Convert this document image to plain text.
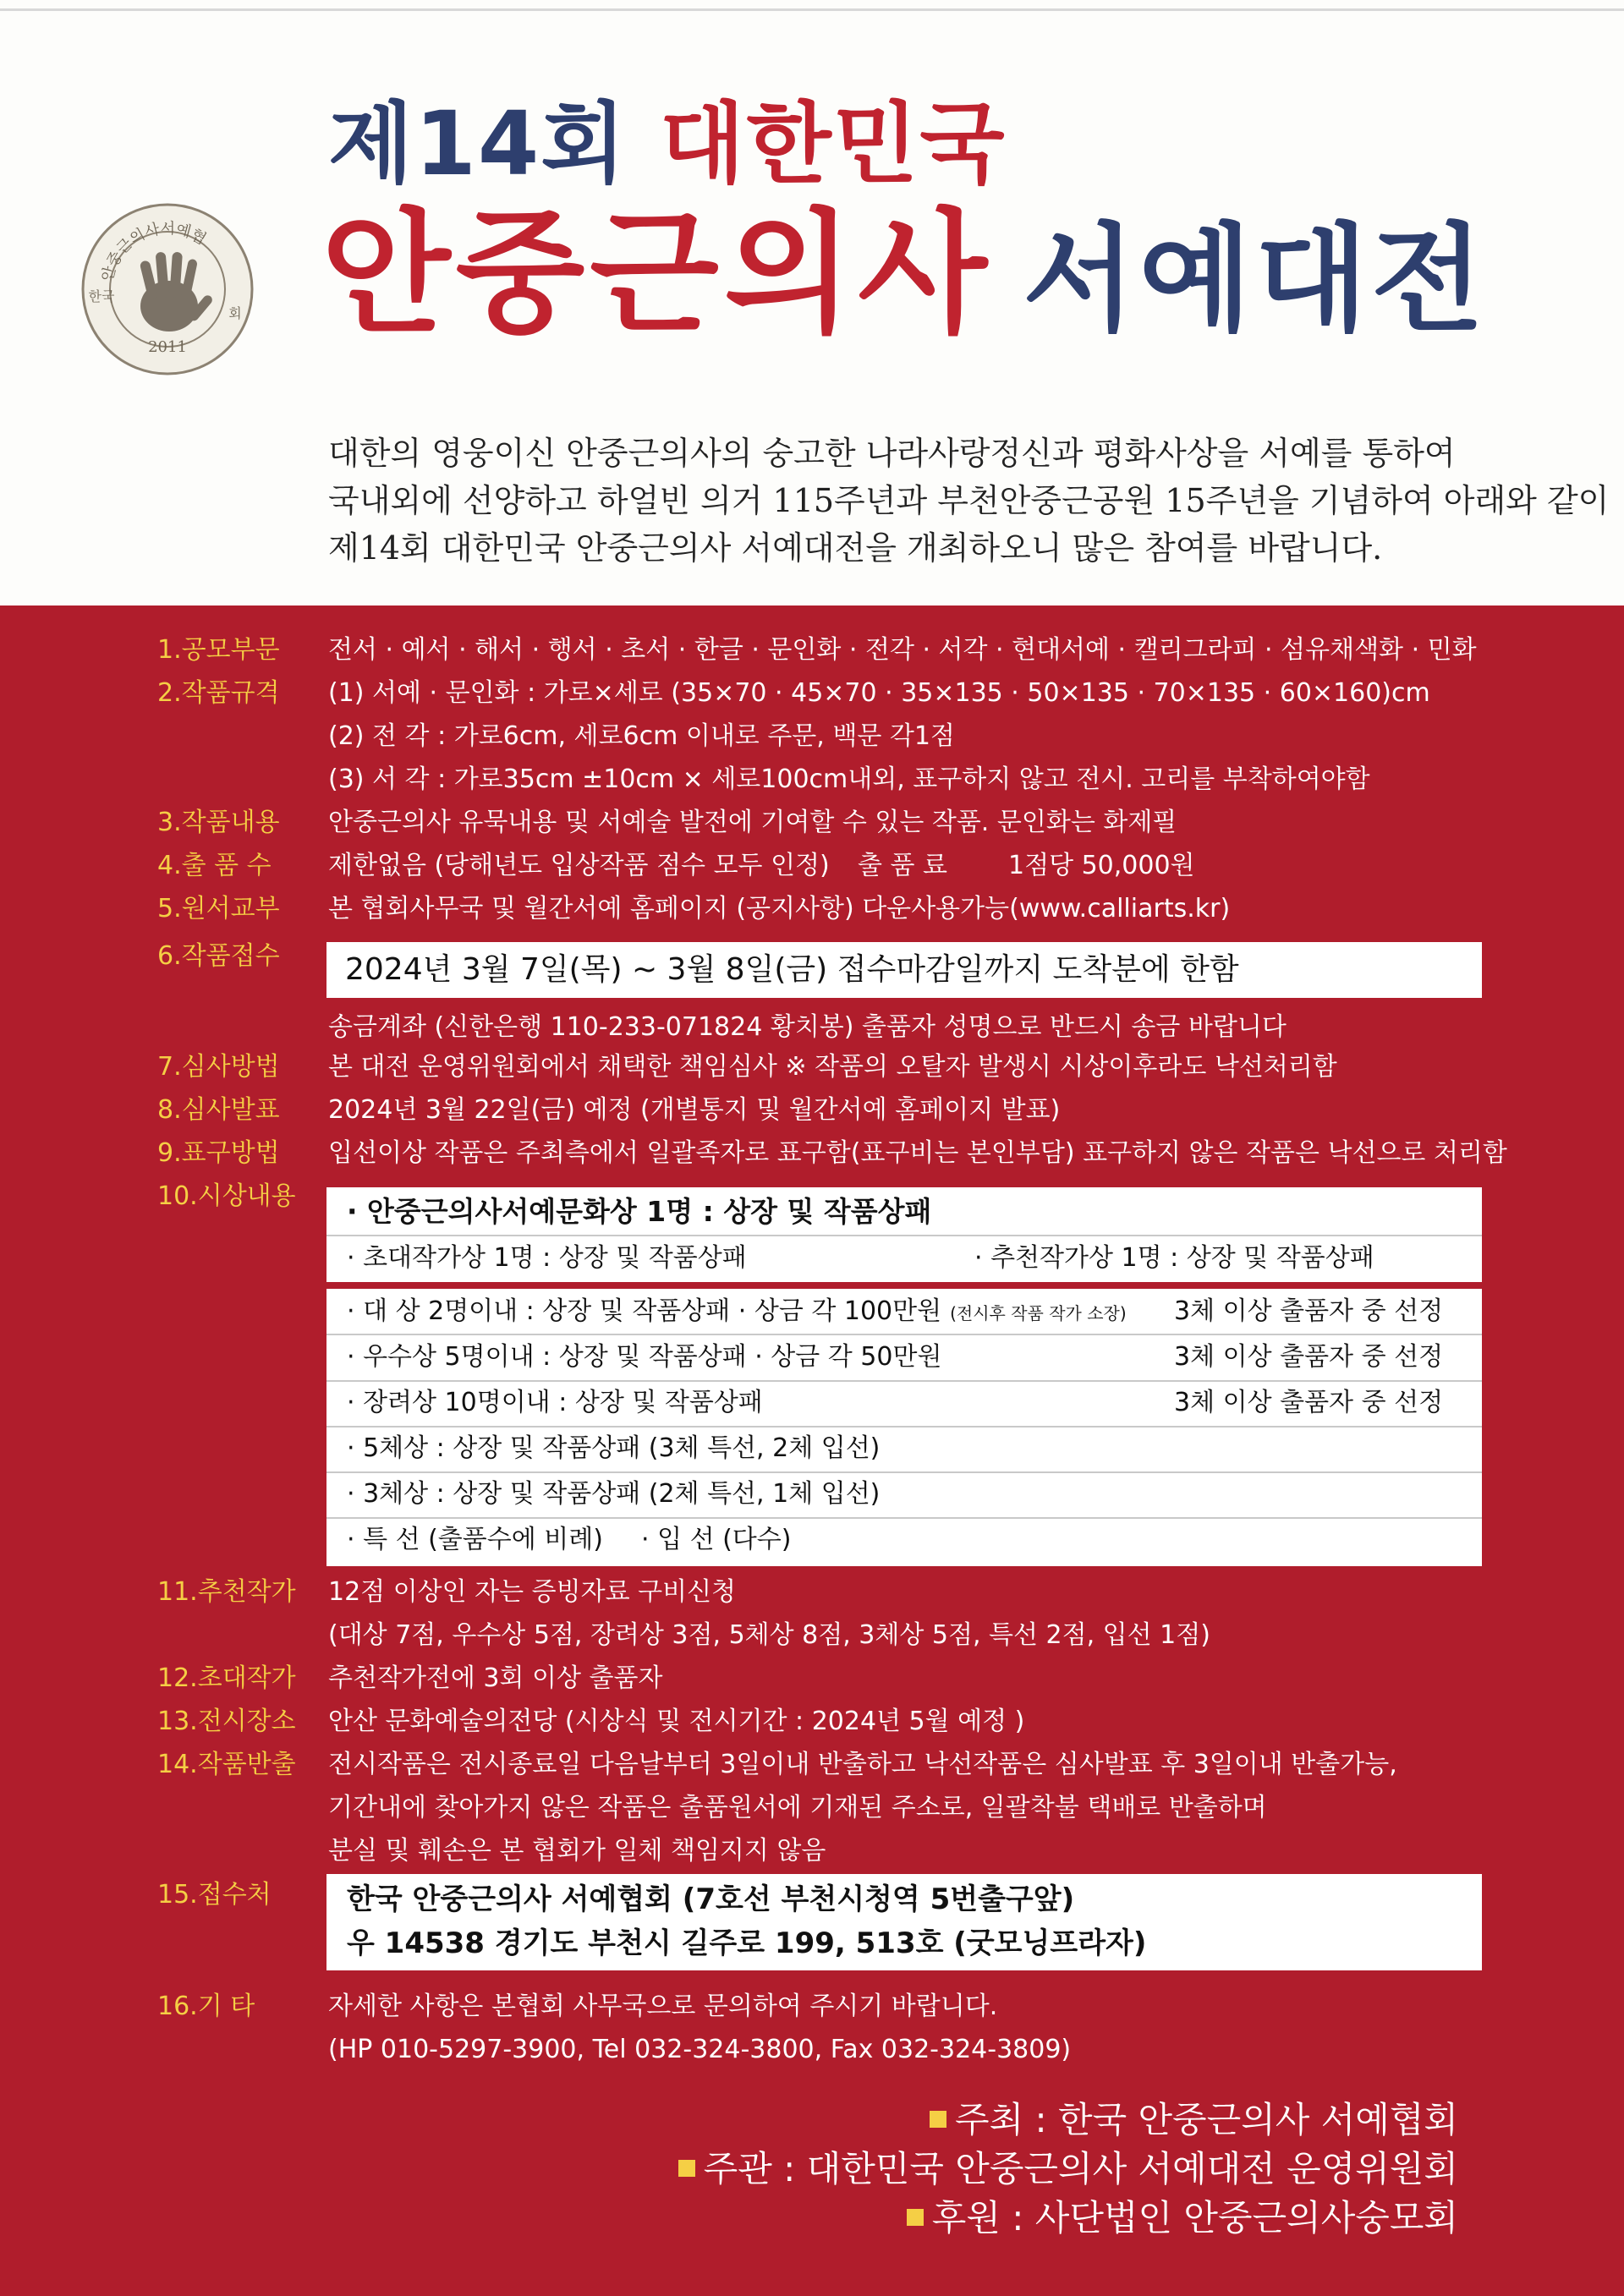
제14회 대한민국
안중근의사서예협
2011
한국
회 안중근의사 서예대전
대한의 영웅이신 안중근의사의 숭고한 나라사랑정신과 평화사상을 서예를 통하여
국내외에 선양하고 하얼빈 의거 115주년과 부천안중근공원 15주년을 기념하여 아래와 같이
제14회 대한민국 안중근의사 서예대전을 개최하오니 많은 참여를 바랍니다.
1.공모부문 전서 · 예서 · 해서 · 행서 · 초서 · 한글 · 문인화 · 전각 · 서각 · 현대서예 · 캘리그라피 · 섬유채색화 · 민화
2.작품규격 (1) 서예 · 문인화 : 가로×세로 (35×70 · 45×70 · 35×135 · 50×135 · 70×135 · 60×160)cm
(2) 전 각 : 가로6cm, 세로6cm 이내로 주문, 백문 각1점
(3) 서 각 : 가로35cm ±10cm × 세로100cm내외, 표구하지 않고 전시. 고리를 부착하여야함
3.작품내용 안중근의사 유묵내용 및 서예술 발전에 기여할 수 있는 작품. 문인화는 화제필
4.출 품 수 제한없음 (당해년도 입상작품 점수 모두 인정) 출 품 료 1점당 50,000원
5.원서교부 본 협회사무국 및 월간서예 홈페이지 (공지사항) 다운사용가능(www.calliarts.kr)
6.작품접수 2024년 3월 7일(목) ~ 3월 8일(금) 접수마감일까지 도착분에 한함
송금계좌 (신한은행 110-233-071824 황치봉) 출품자 성명으로 반드시 송금 바랍니다
7.심사방법 본 대전 운영위원회에서 채택한 책임심사 ※ 작품의 오탈자 발생시 시상이후라도 낙선처리함
8.심사발표 2024년 3월 22일(금) 예정 (개별통지 및 월간서예 홈페이지 발표)
9.표구방법 입선이상 작품은 주최측에서 일괄족자로 표구함(표구비는 본인부담) 표구하지 않은 작품은 낙선으로 처리함
10.시상내용 · 안중근의사서예문화상 1명 : 상장 및 작품상패
· 초대작가상 1명 : 상장 및 작품상패	· 추천작가상 1명 : 상장 및 작품상패
· 대 상 2명이내 : 상장 및 작품상패 · 상금 각 100만원 (전시후 작품 작가 소장) 3체 이상 출품자 중 선정
· 우수상 5명이내 : 상장 및 작품상패 · 상금 각 50만원	3체 이상 출품자 중 선정
· 장려상 10명이내 : 상장 및 작품상패	3체 이상 출품자 중 선정
· 5체상 : 상장 및 작품상패 (3체 특선, 2체 입선)
· 3체상 : 상장 및 작품상패 (2체 특선, 1체 입선)
· 특 선 (출품수에 비례) · 입 선 (다수)
11.추천작가 12점 이상인 자는 증빙자료 구비신청
(대상 7점, 우수상 5점, 장려상 3점, 5체상 8점, 3체상 5점, 특선 2점, 입선 1점)
12.초대작가 추천작가전에 3회 이상 출품자
13.전시장소 안산 문화예술의전당 (시상식 및 전시기간 : 2024년 5월 예정 )
14.작품반출 전시작품은 전시종료일 다음날부터 3일이내 반출하고 낙선작품은 심사발표 후 3일이내 반출가능,
기간내에 찾아가지 않은 작품은 출품원서에 기재된 주소로, 일괄착불 택배로 반출하며
분실 및 훼손은 본 협회가 일체 책임지지 않음
15.접수처	한국 안중근의사 서예협회 (7호선 부천시청역 5번출구앞)
우 14538 경기도 부천시 길주로 199, 513호 (굿모닝프라자)
16.기 타	자세한 사항은 본협회 사무국으로 문의하여 주시기 바랍니다.
(HP 010-5297-3900, Tel 032-324-3800, Fax 032-324-3809)
주최 : 한국 안중근의사 서예협회
주관 : 대한민국 안중근의사 서예대전 운영위원회
후원 : 사단법인 안중근의사숭모회
